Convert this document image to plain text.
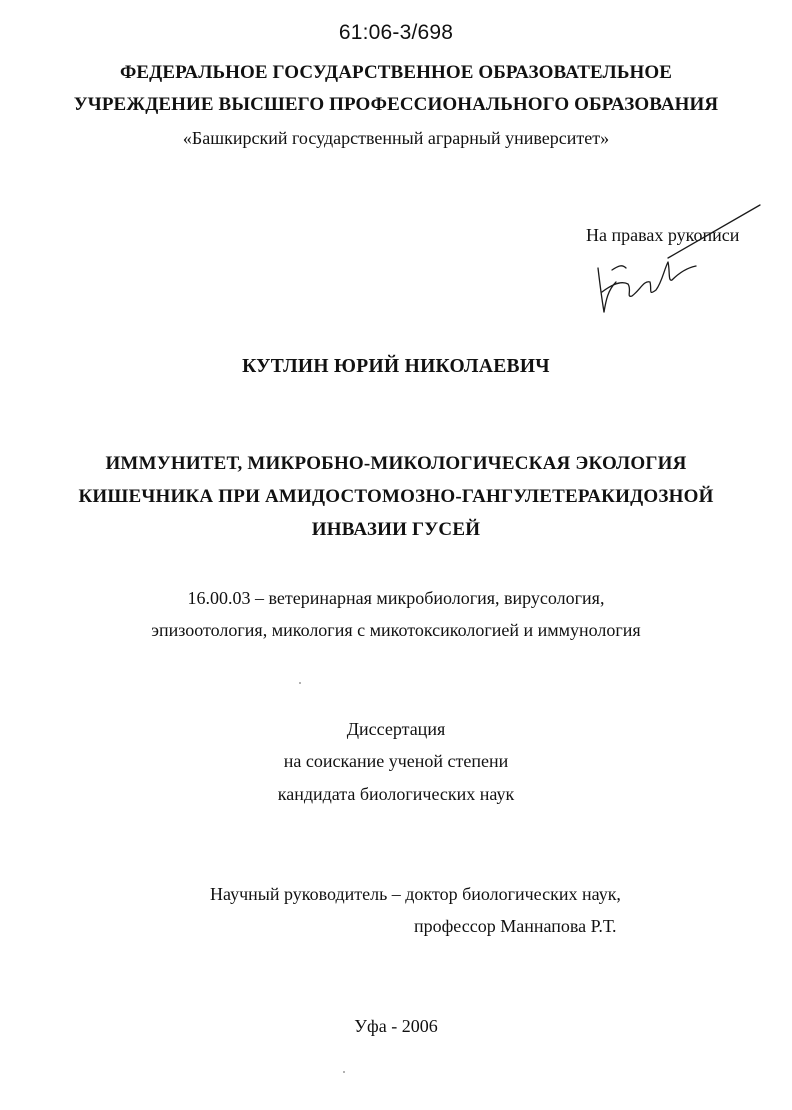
61:06-3/698
ФЕДЕРАЛЬНОЕ ГОСУДАРСТВЕННОЕ ОБРАЗОВАТЕЛЬНОЕ
УЧРЕЖДЕНИЕ ВЫСШЕГО ПРОФЕССИОНАЛЬНОГО ОБРАЗОВАНИЯ
«Башкирский государственный аграрный университет»
На правах рукописи
КУТЛИН ЮРИЙ НИКОЛАЕВИЧ
ИММУНИТЕТ, МИКРОБНО-МИКОЛОГИЧЕСКАЯ ЭКОЛОГИЯ
КИШЕЧНИКА ПРИ АМИДОСТОМОЗНО-ГАНГУЛЕТЕРАКИДОЗНОЙ
ИНВАЗИИ ГУСЕЙ
16.00.03 – ветеринарная микробиология, вирусология,
эпизоотология, микология с микотоксикологией и иммунология
Диссертация
на соискание ученой степени
кандидата биологических наук
Научный руководитель – доктор биологических наук,
профессор Маннапова Р.Т.
Уфа - 2006
